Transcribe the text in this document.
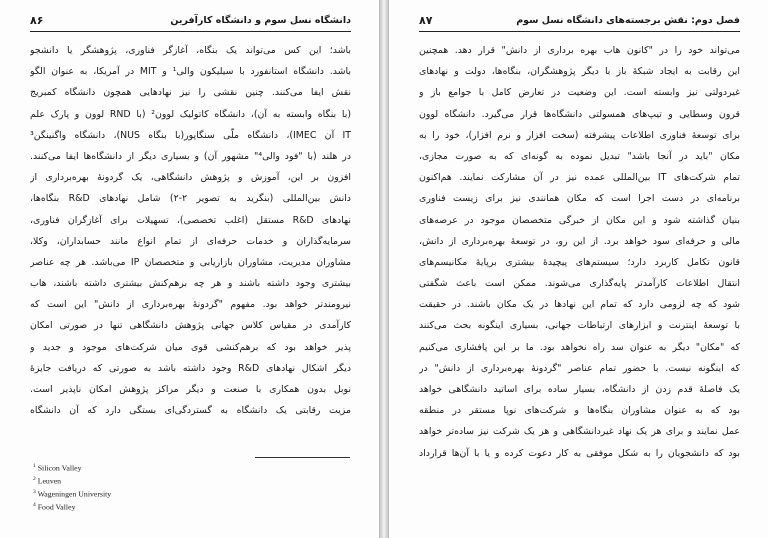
دانشگاه نسل سوم و دانشگاه کارآفرین
۸۶
باشد؛ این کس می‌تواند یک بنگاه، آغازگر فناوری، پژوهشگر یا دانشجو
باشد. دانشگاه استانفورد با سیلیکون والی¹ و MIT در آمریکا، به عنوان الگو
نقش ایفا می‌کنند. چنین نقشی را نیز نهادهایی همچون دانشگاه کمبریج
(با بنگاه وابسته به آن)، دانشگاه کاتولیک لوون² (با RND لوون و پارک علم
IT آن IMEC)، دانشگاه ملّی سنگاپور(با بنگاه NUS)، دانشگاه واگنینگن³
در هلند (با "فود والی⁴" مشهور آن) و بسیاری دیگر از دانشگاه‌ها ایفا می‌کنند.
افزون بر این، آموزش و پژوهش دانشگاهی، یک گردونهٔ بهره‌برداری از
دانش بین‌المللی (بنگرید به تصویر ۲-۲) شامل نهادهای R&D بنگاه‌ها،
نهادهای R&D مستقل (اغلب تخصصی)، تسهیلات برای آغازگران فناوری،
سرمایه‌گذاران و خدمات حرفه‌ای از تمام انواع مانند حسابداران، وکلا،
مشاوران مدیریت، مشاوران بازاریابی و متخصصان IP می‌باشد. هر چه عناصر
بیشتری وجود داشته باشند و هر چه برهم‌کنش بیشتری داشته باشند، هاب
نیرومندتر خواهد بود. مفهوم "گردونهٔ بهره‌برداری از دانش" این است که
کارآمدی در مقیاس کلاس جهانی پژوهش دانشگاهی تنها در صورتی امکان
پذیر خواهد بود که برهم‌کنشی قوی میان شرکت‌های موجود و جدید و
دیگر اشکال نهادهای R&D وجود داشته باشد به صورتی که دریافت جایزهٔ
نوبل بدون همکاری با صنعت و دیگر مراکز پژوهش امکان ناپذیر است.
مزیت رقابتی یک دانشگاه به گستردگی‌ای بستگی دارد که آن دانشگاه
$^1$ Silicon Valley
$^2$ Leuven
$^3$ Wageningen University
$^4$ Food Valley
فصل دوم: نقش برجسته‌های دانشگاه نسل سوم
۸۷
می‌تواند خود را در "کانون هاب بهره برداری از دانش" قرار دهد. همچنین
این رقابت به ایجاد شبکهٔ باز با دیگر پژوهشگران، بنگاه‌ها، دولت و نهادهای
غیردولتی نیز وابسته است. این وضعیت در تعارض کامل با جوامع باز و
قرون وسطایی و تیپ‌های همسولتی دانشگاه‌ها قرار می‌گیرد. دانشگاه لوون
برای توسعهٔ فناوری اطلاعات پیشرفته (سخت افزار و نرم افزار)، خود را به
مکان "باید در آنجا باشد" تبدیل نموده به گونه‌ای که به صورت مجازی،
تمام شرکت‌های IT بین‌المللی عمده نیز در آن مشارکت نمایند. هم‌اکنون
برنامه‌ای در دست اجرا است که مکان همانندی نیز برای زیست فناوری
بنیان گذاشته شود و این مکان از خبرگی متخصصان موجود در عرصه‌های
مالی و حرفه‌ای سود خواهد برد. از این رو، در توسعهٔ بهره‌برداری از دانش،
قانون تکامل کاربرد دارد؛ سیستم‌های پیچیدهٔ بیشتری برپایهٔ مکانیسم‌های
انتقال اطلاعات کارآمدتر پایه‌گذاری می‌شوند. ممکن است باعث شگفتی
شود که چه لزومی دارد که تمام این نهادها در یک مکان باشند. در حقیقت
با توسعهٔ اینترنت و ابزارهای ارتباطات جهانی، بسیاری اینگونه بحث می‌کنند
که "مکان" دیگر به عنوان سد راه نخواهد بود. ما بر این پافشاری می‌کنیم
که اینگونه نیست. با حضور تمام عناصر "گردونهٔ بهره‌برداری از دانش" در
یک فاصلهٔ قدم زدن از دانشگاه، بسیار ساده برای اساتید دانشگاهی خواهد
بود که به عنوان مشاوران بنگاه‌ها و شرکت‌های نوپا مستقر در منطقه
عمل نمایند و برای هر یک نهاد غیردانشگاهی و هر یک شرکت نیز ساده‌تر خواهد
بود که دانشجویان را به شکل موفقی به کار دعوت کرده و یا با آن‌ها قرارداد
